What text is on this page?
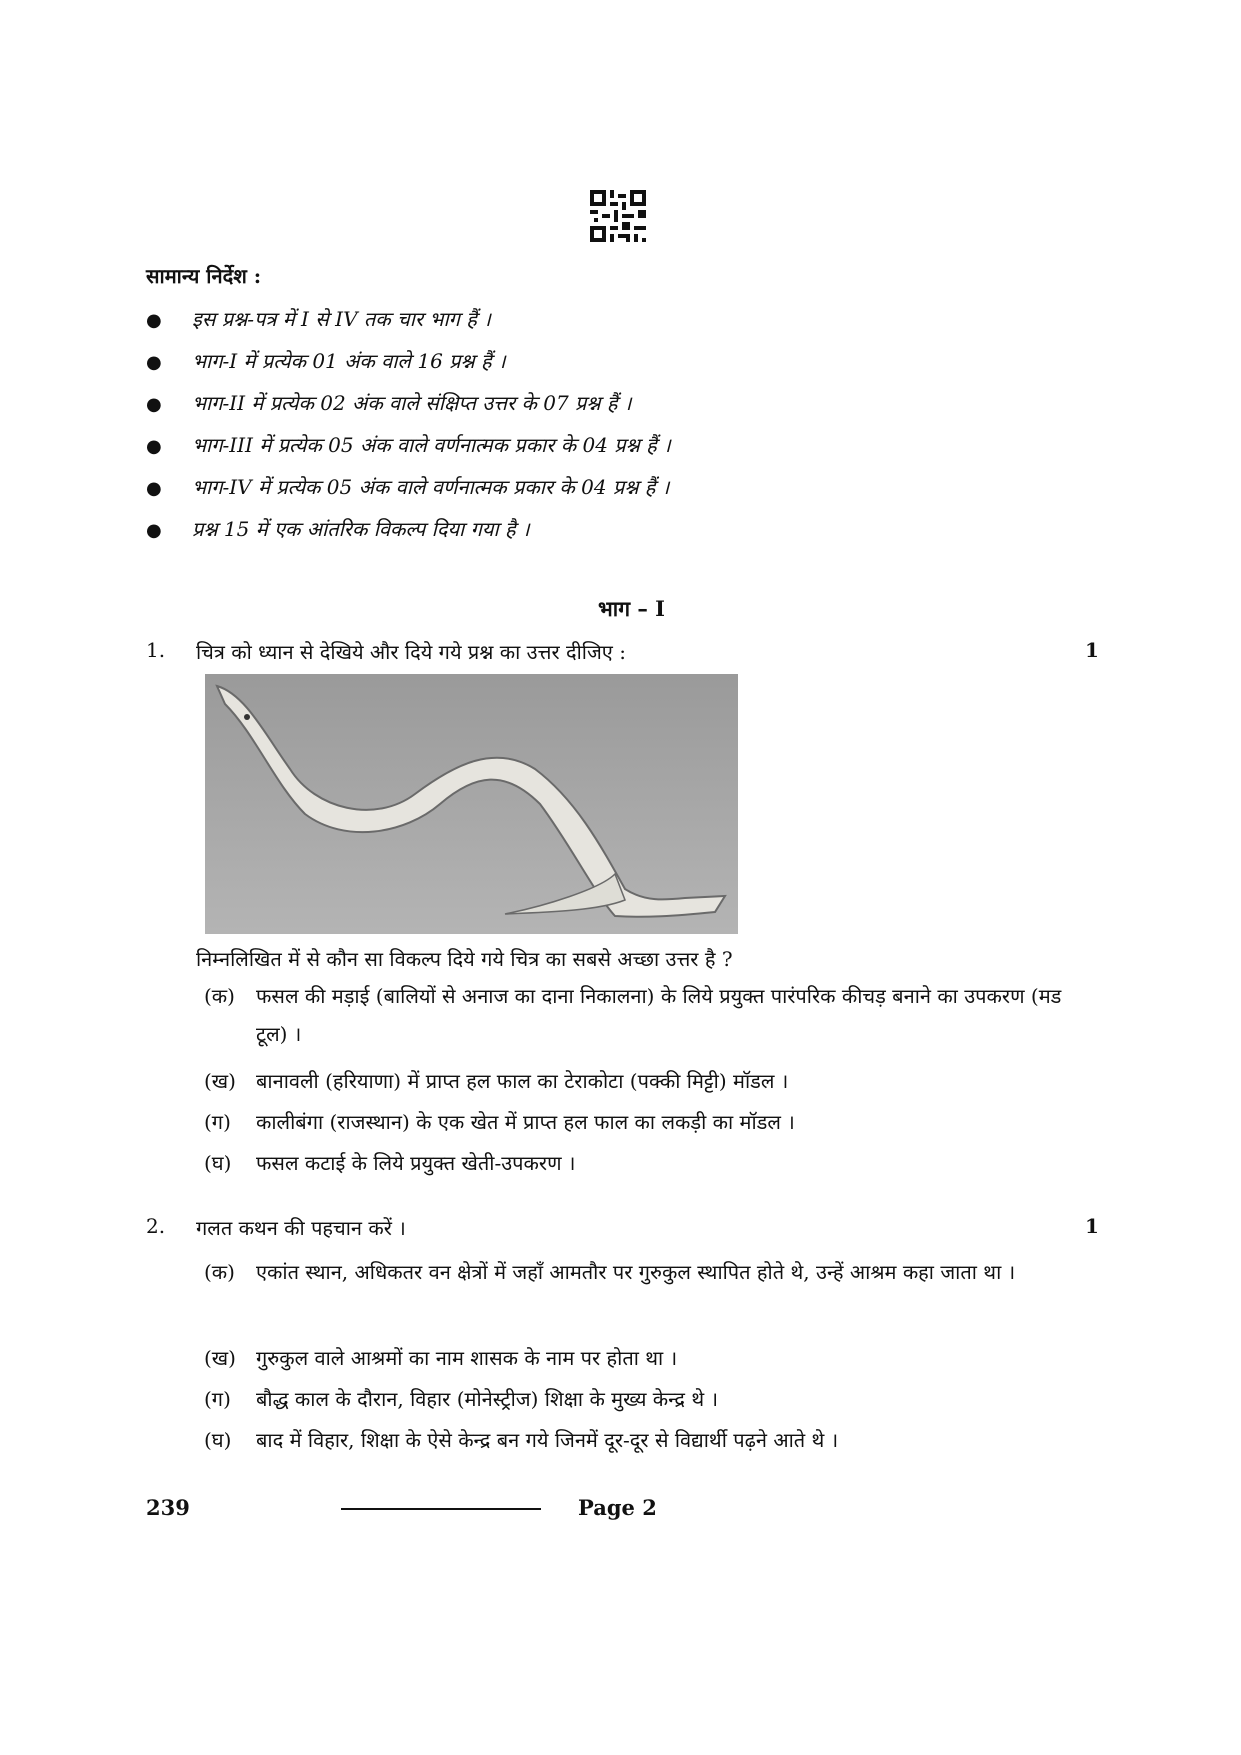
सामान्य निर्देश :
● इस प्रश्न-पत्र में I से IV तक चार भाग हैं ।
● भाग-I में प्रत्येक 01 अंक वाले 16 प्रश्न हैं ।
● भाग-II में प्रत्येक 02 अंक वाले संक्षिप्त उत्तर के 07 प्रश्न हैं ।
● भाग-III में प्रत्येक 05 अंक वाले वर्णनात्मक प्रकार के 04 प्रश्न हैं ।
● भाग-IV में प्रत्येक 05 अंक वाले वर्णनात्मक प्रकार के 04 प्रश्न हैं ।
● प्रश्न 15 में एक आंतरिक विकल्प दिया गया है ।
भाग – I
1. चित्र को ध्यान से देखिये और दिये गये प्रश्न का उत्तर दीजिए :	1
निम्नलिखित में से कौन सा विकल्प दिये गये चित्र का सबसे अच्छा उत्तर है ?
(क)	फसल की मड़ाई (बालियों से अनाज का दाना निकालना) के लिये प्रयुक्त पारंपरिक कीचड़ बनाने का उपकरण (मड टूल) ।
(ख)	बानावली (हरियाणा) में प्राप्त हल फाल का टेराकोटा (पक्की मिट्टी) मॉडल ।
(ग)	कालीबंगा (राजस्थान) के एक खेत में प्राप्त हल फाल का लकड़ी का मॉडल ।
(घ)	फसल कटाई के लिये प्रयुक्त खेती-उपकरण ।
2. गलत कथन की पहचान करें ।	1
(क)	एकांत स्थान, अधिकतर वन क्षेत्रों में जहाँ आमतौर पर गुरुकुल स्थापित होते थे, उन्हें आश्रम कहा जाता था ।
(ख)	गुरुकुल वाले आश्रमों का नाम शासक के नाम पर होता था ।
(ग)	बौद्ध काल के दौरान, विहार (मोनेस्ट्रीज) शिक्षा के मुख्य केन्द्र थे ।
(घ)	बाद में विहार, शिक्षा के ऐसे केन्द्र बन गये जिनमें दूर-दूर से विद्यार्थी पढ़ने आते थे ।
239	Page 2
